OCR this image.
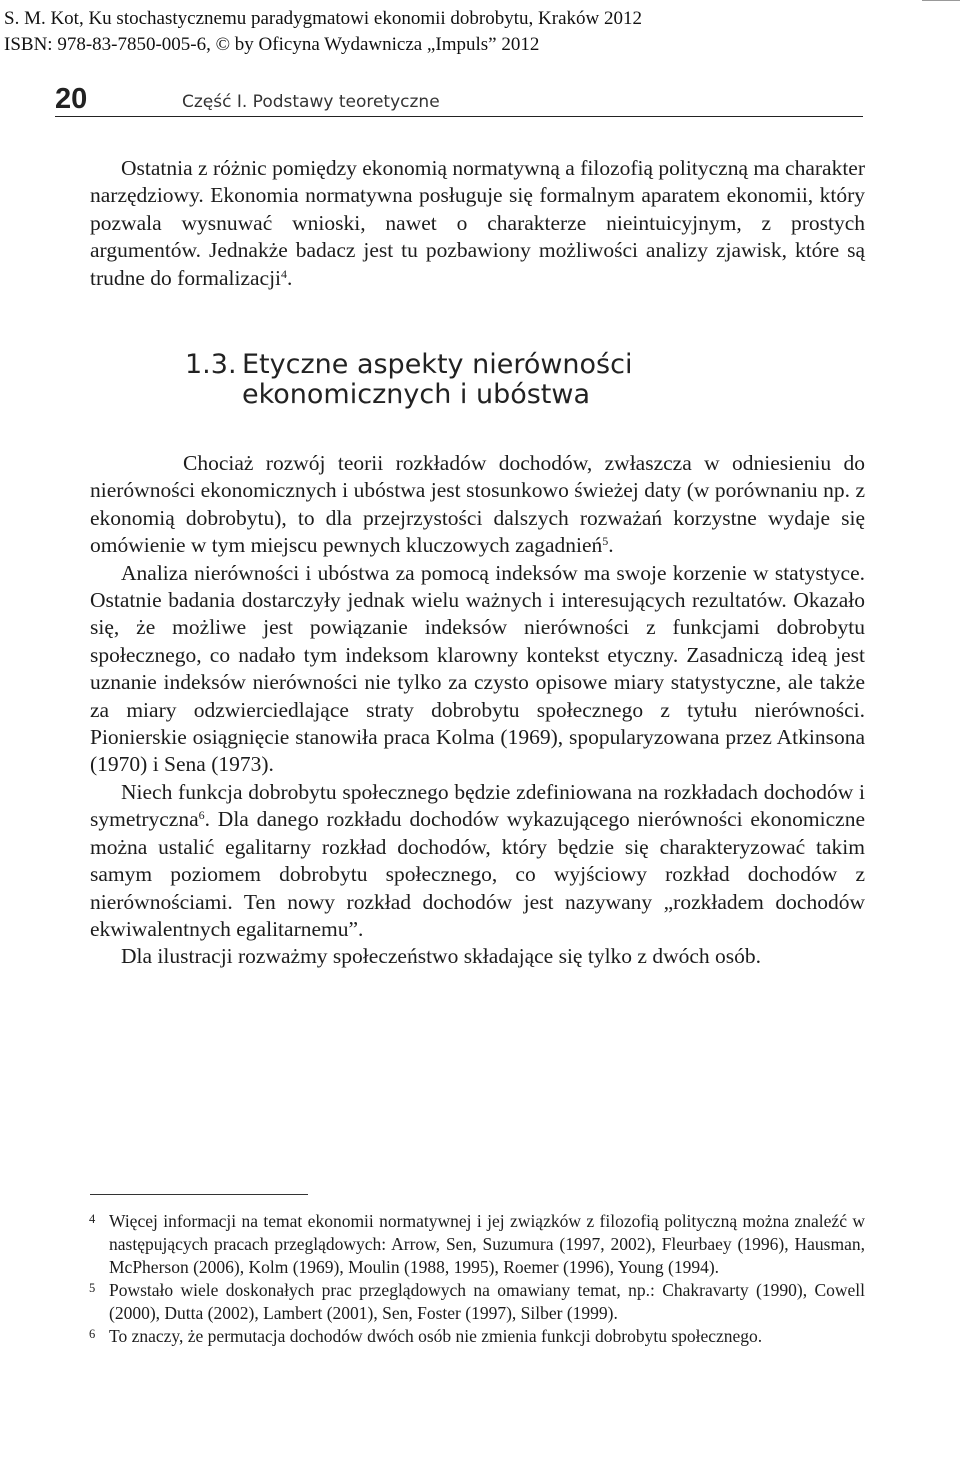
S. M. Kot, Ku stochastycznemu paradygmatowi ekonomii dobrobytu, Kraków 2012
ISBN: 978-83-7850-005-6, © by Oficyna Wydawnicza „Impuls” 2012
20	Część I. Podstawy teoretyczne

Ostatnia z różnic pomiędzy ekonomią normatywną a filozofią polityczną ma charakter narzędziowy. Ekonomia normatywna posługuje się formalnym aparatem ekonomii, który pozwala wysnuwać wnioski, nawet o charakterze nieintuicyjnym, z prostych argumentów. Jednakże badacz jest tu pozbawiony możliwości analizy zjawisk, które są trudne do formalizacji$^4$.

1.3. Etyczne aspekty nierówności
ekonomicznych i ubóstwa

Chociaż rozwój teorii rozkładów dochodów, zwłaszcza w odniesieniu do nierówności ekonomicznych i ubóstwa jest stosunkowo świeżej daty (w porównaniu np. z ekonomią dobrobytu), to dla przejrzystości dalszych rozważań korzystne wydaje się omówienie w tym miejscu pewnych kluczowych zagadnień$^5$.

Analiza nierówności i ubóstwa za pomocą indeksów ma swoje korzenie w statystyce. Ostatnie badania dostarczyły jednak wielu ważnych i interesujących rezultatów. Okazało się, że możliwe jest powiązanie indeksów nierówności z funkcjami dobrobytu społecznego, co nadało tym indeksom klarowny kontekst etyczny. Zasadniczą ideą jest uznanie indeksów nierówności nie tylko za czysto opisowe miary statystyczne, ale także za miary odzwierciedlające straty dobrobytu społecznego z tytułu nierówności. Pionierskie osiągnięcie stanowiła praca Kolma (1969), spopularyzowana przez Atkinsona (1970) i Sena (1973).

Niech funkcja dobrobytu społecznego będzie zdefiniowana na rozkładach dochodów i symetryczna$^6$. Dla danego rozkładu dochodów wykazującego nierówności ekonomiczne można ustalić egalitarny rozkład dochodów, który będzie się charakteryzować takim samym poziomem dobrobytu społecznego, co wyjściowy rozkład dochodów z nierównościami. Ten nowy rozkład dochodów jest nazywany „rozkładem dochodów ekwiwalentnych egalitarnemu”.

Dla ilustracji rozważmy społeczeństwo składające się tylko z dwóch osób.

4 Więcej informacji na temat ekonomii normatywnej i jej związków z filozofią polityczną można znaleźć w następujących pracach przeglądowych: Arrow, Sen, Suzumura (1997, 2002), Fleurbaey (1996), Hausman, McPherson (2006), Kolm (1969), Moulin (1988, 1995), Roemer (1996), Young (1994).
5 Powstało wiele doskonałych prac przeglądowych na omawiany temat, np.: Chakravarty (1990), Cowell (2000), Dutta (2002), Lambert (2001), Sen, Foster (1997), Silber (1999).
6 To znaczy, że permutacja dochodów dwóch osób nie zmienia funkcji dobrobytu społecznego.
